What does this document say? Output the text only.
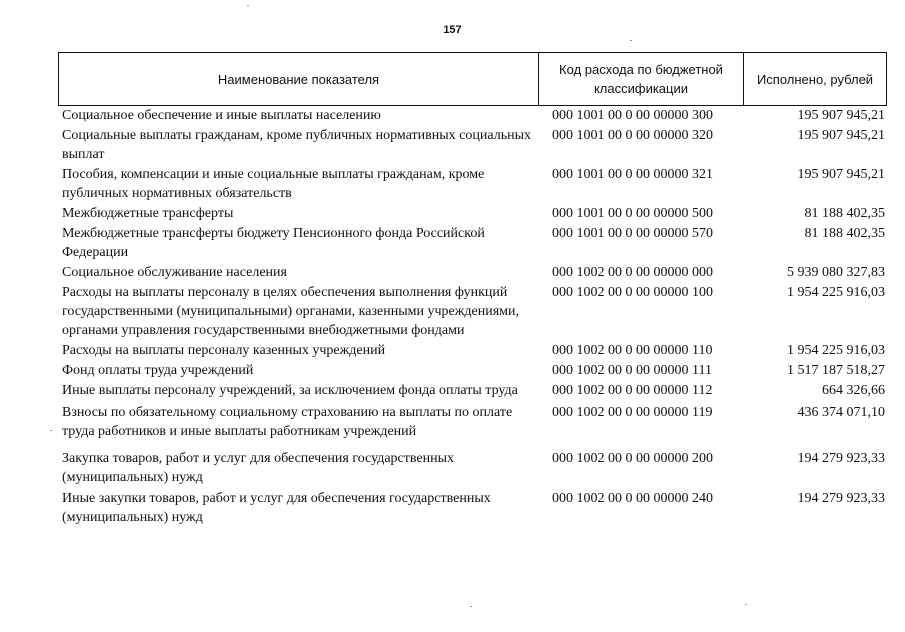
157
Наименование показателя
Код расхода по бюджетной классификации
Исполнено, рублей
Социальное обеспечение и иные выплаты населению	000 1001 00 0 00 00000 300	195 907 945,21
Социальные выплаты гражданам, кроме публичных нормативных социальных выплат
000 1001 00 0 00 00000 320	195 907 945,21
Пособия, компенсации и иные социальные выплаты гражданам, кроме публичных нормативных обязательств
000 1001 00 0 00 00000 321	195 907 945,21
Межбюджетные трансферты	000 1001 00 0 00 00000 500	81 188 402,35
Межбюджетные трансферты бюджету Пенсионного фонда Российской Федерации
000 1001 00 0 00 00000 570	81 188 402,35
Социальное обслуживание населения	000 1002 00 0 00 00000 000	5 939 080 327,83
Расходы на выплаты персоналу в целях обеспечения выполнения функций государственными (муниципальными) органами, казенными учреждениями, органами управления государственными внебюджетными фондами
000 1002 00 0 00 00000 100	1 954 225 916,03
Расходы на выплаты персоналу казенных учреждений	000 1002 00 0 00 00000 110	1 954 225 916,03
Фонд оплаты труда учреждений	000 1002 00 0 00 00000 111	1 517 187 518,27
Иные выплаты персоналу учреждений, за исключением фонда оплаты труда 000 1002 00 0 00 00000 112	664 326,66
Взносы по обязательному социальному страхованию на выплаты по оплате труда работников и иные выплаты работникам учреждений
000 1002 00 0 00 00000 119	436 374 071,10
Закупка товаров, работ и услуг для обеспечения государственных (муниципальных) нужд
000 1002 00 0 00 00000 200	194 279 923,33
Иные закупки товаров, работ и услуг для обеспечения государственных (муниципальных) нужд
000 1002 00 0 00 00000 240	194 279 923,33
